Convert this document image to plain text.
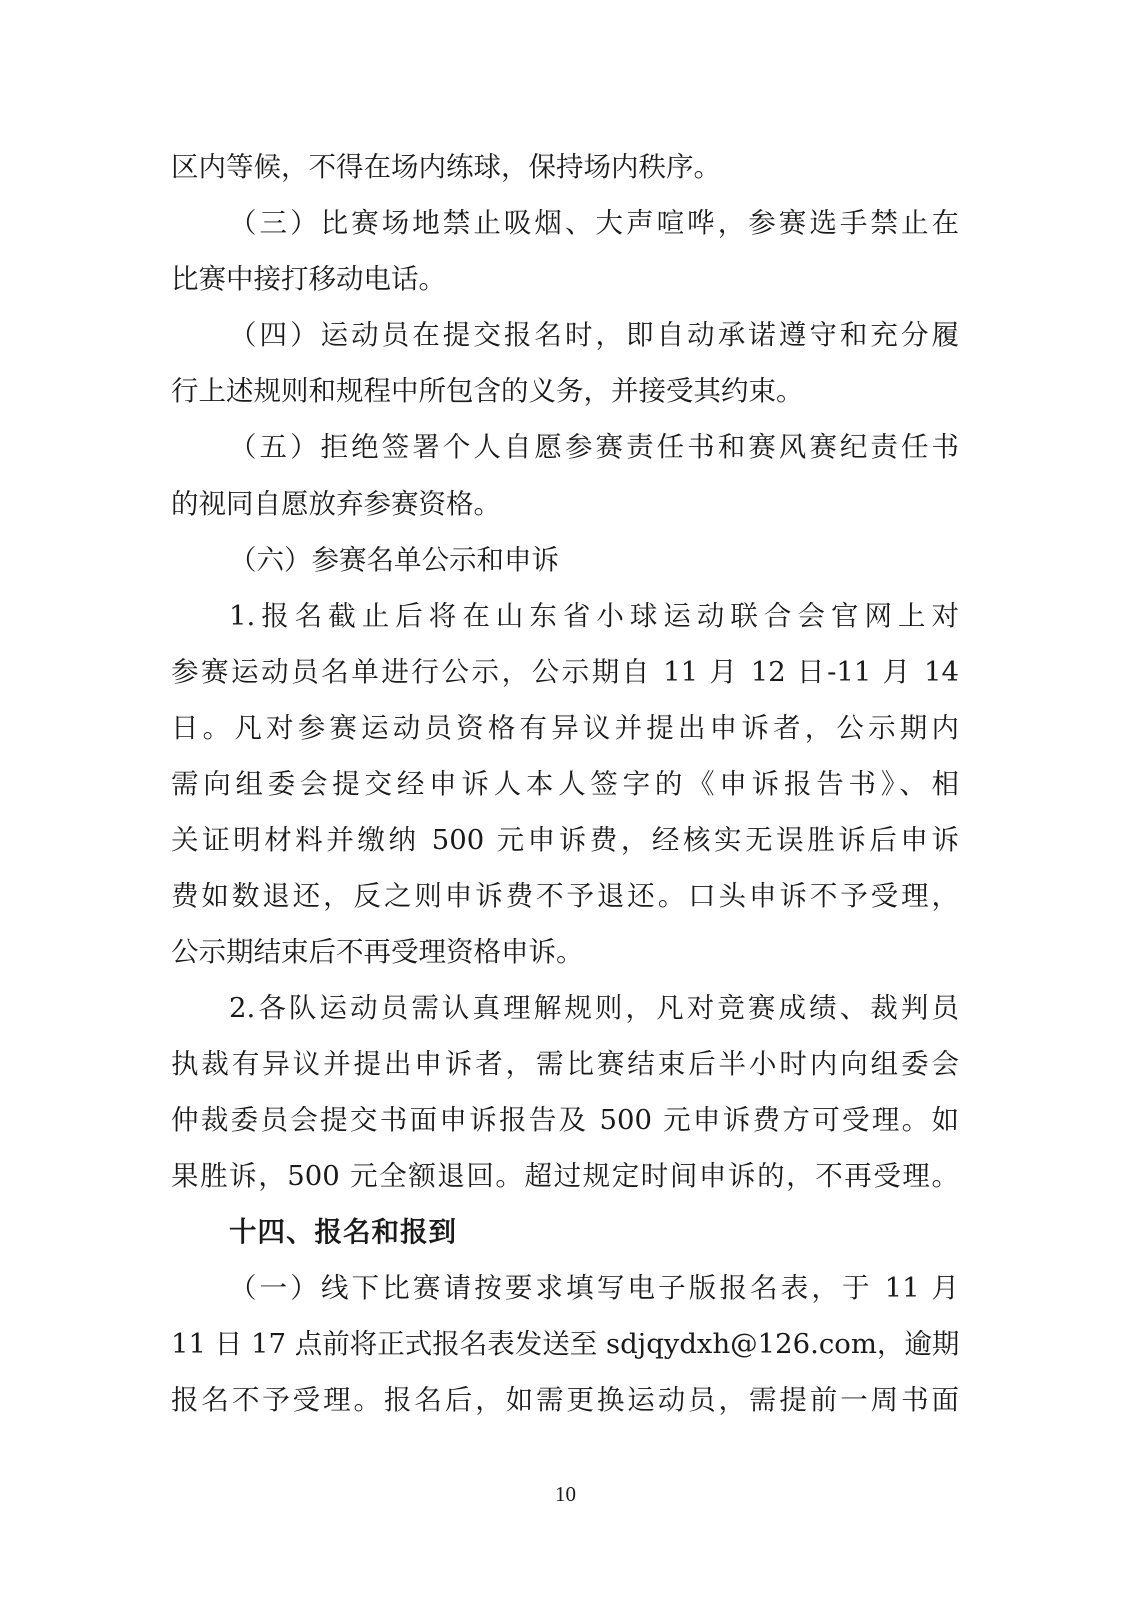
区内等候，不得在场内练球，保持场内秩序。
（三）比赛场地禁止吸烟、大声喧哗，参赛选手禁止在
比赛中接打移动电话。
（四）运动员在提交报名时，即自动承诺遵守和充分履
行上述规则和规程中所包含的义务，并接受其约束。
（五）拒绝签署个人自愿参赛责任书和赛风赛纪责任书
的视同自愿放弃参赛资格。
（六）参赛名单公示和申诉
1.报名截止后将在山东省小球运动联合会官网上对
参赛运动员名单进行公示，公示期自 11 月 12 日-11 月 14
日。凡对参赛运动员资格有异议并提出申诉者，公示期内
需向组委会提交经申诉人本人签字的《申诉报告书》、相
关证明材料并缴纳 500 元申诉费，经核实无误胜诉后申诉
费如数退还，反之则申诉费不予退还。口头申诉不予受理，
公示期结束后不再受理资格申诉。
2.各队运动员需认真理解规则，凡对竞赛成绩、裁判员
执裁有异议并提出申诉者，需比赛结束后半小时内向组委会
仲裁委员会提交书面申诉报告及 500 元申诉费方可受理。如
果胜诉，500 元全额退回。超过规定时间申诉的，不再受理。
十四、报名和报到
（一）线下比赛请按要求填写电子版报名表，于 11 月
11 日 17 点前将正式报名表发送至 sdjqydxh@126.com，逾期
报名不予受理。报名后，如需更换运动员，需提前一周书面
10
